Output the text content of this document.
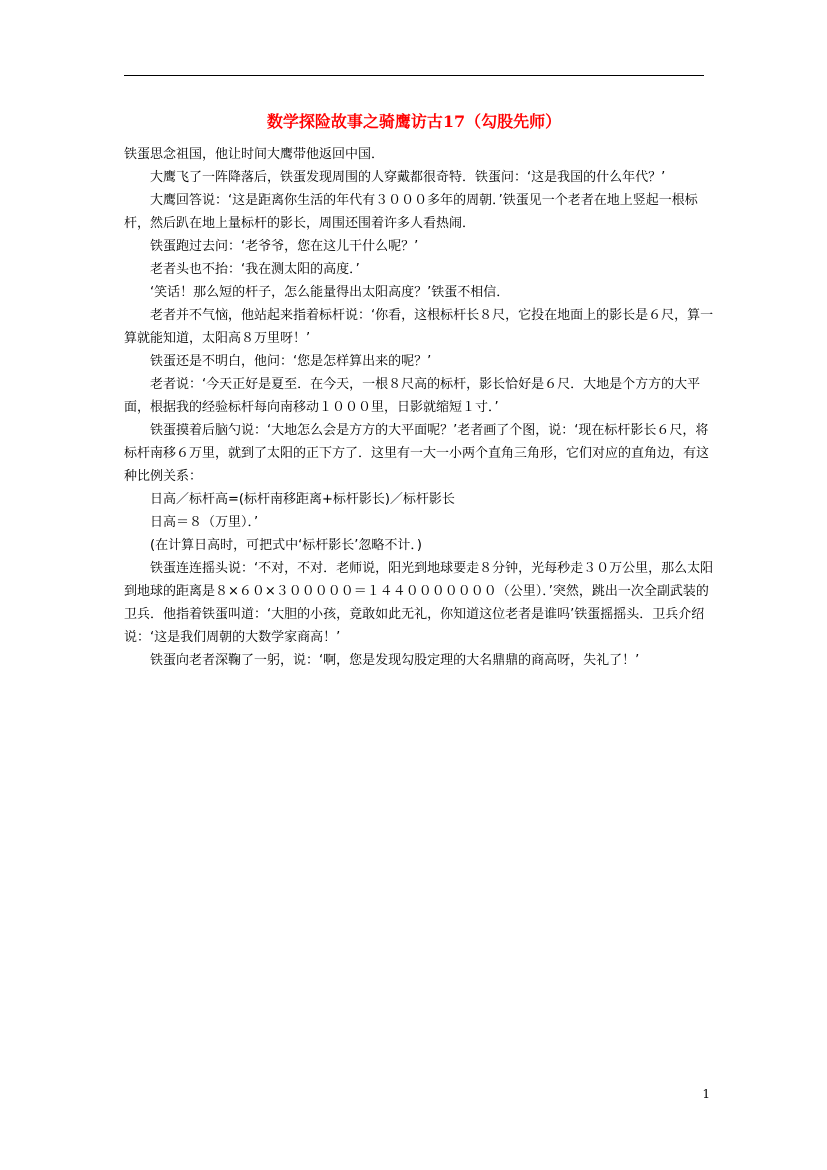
数学探险故事之骑鹰访古17（勾股先师）

铁蛋思念祖国，他让时间大鹰带他返回中国．

大鹰飞了一阵降落后，铁蛋发现周围的人穿戴都很奇特．铁蛋问：‘这是我国的什么年代？’

大鹰回答说：‘这是距离你生活的年代有３０００多年的周朝．’铁蛋见一个老者在地上竖起一根标杆，然后趴在地上量标杆的影长，周围还围着许多人看热闹．

铁蛋跑过去问：‘老爷爷，您在这儿干什么呢？’

老者头也不抬：‘我在测太阳的高度．’

‘笑话！那么短的杆子，怎么能量得出太阳高度？’铁蛋不相信．

老者并不气恼，他站起来指着标杆说：‘你看，这根标杆长８尺，它投在地面上的影长是６尺，算一算就能知道，太阳高８万里呀！’

铁蛋还是不明白，他问：‘您是怎样算出来的呢？’

老者说：‘今天正好是夏至．在今天，一根８尺高的标杆，影长恰好是６尺．大地是个方方的大平面，根据我的经验标杆每向南移动１０００里，日影就缩短１寸．’

铁蛋摸着后脑勺说：‘大地怎么会是方方的大平面呢？’老者画了个图，说：‘现在标杆影长６尺，将标杆南移６万里，就到了太阳的正下方了．这里有一大一小两个直角三角形，它们对应的直角边，有这种比例关系：

日高／标杆高=(标杆南移距离+标杆影长)／标杆影长

日高＝８（万里）．’

(在计算日高时，可把式中‘标杆影长’忽略不计．)

铁蛋连连摇头说：‘不对，不对．老师说，阳光到地球要走８分钟，光每秒走３０万公里，那么太阳到地球的距离是８×６０×３０００００＝１４４０００００００（公里）．’突然，跳出一次全副武装的卫兵．他指着铁蛋叫道：‘大胆的小孩，竟敢如此无礼，你知道这位老者是谁吗’铁蛋摇摇头．卫兵介绍说：‘这是我们周朝的大数学家商高！’

铁蛋向老者深鞠了一躬，说：‘啊，您是发现勾股定理的大名鼎鼎的商高呀，失礼了！’

1
